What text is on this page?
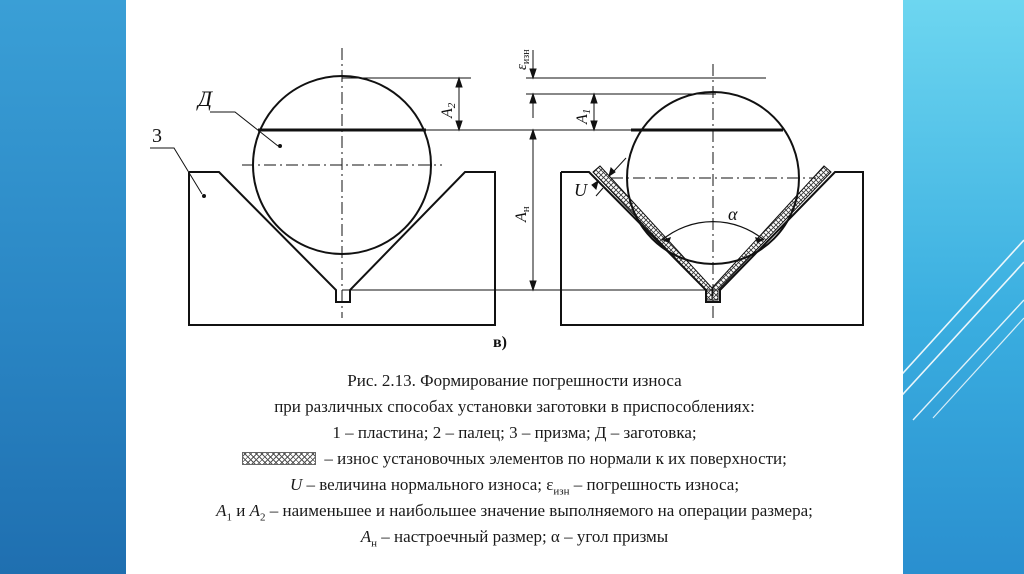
Д
3
A2
$\varepsilon_{изн}$
Aн
A1
α
U
в)
Рис. 2.13. Формирование погрешности износа
при различных способах установки заготовки в приспособлениях:
1 – пластина; 2 – палец; 3 – призма; Д – заготовка;
– износ установочных элементов по нормали к их поверхности;
U – величина нормального износа; $\varepsilon_{изн}$ – погрешность износа;
$A_1$ и $A_2$ – наименьшее и наибольшее значение выполняемого на операции размера;
$A_н$ – настроечный размер; α – угол призмы
